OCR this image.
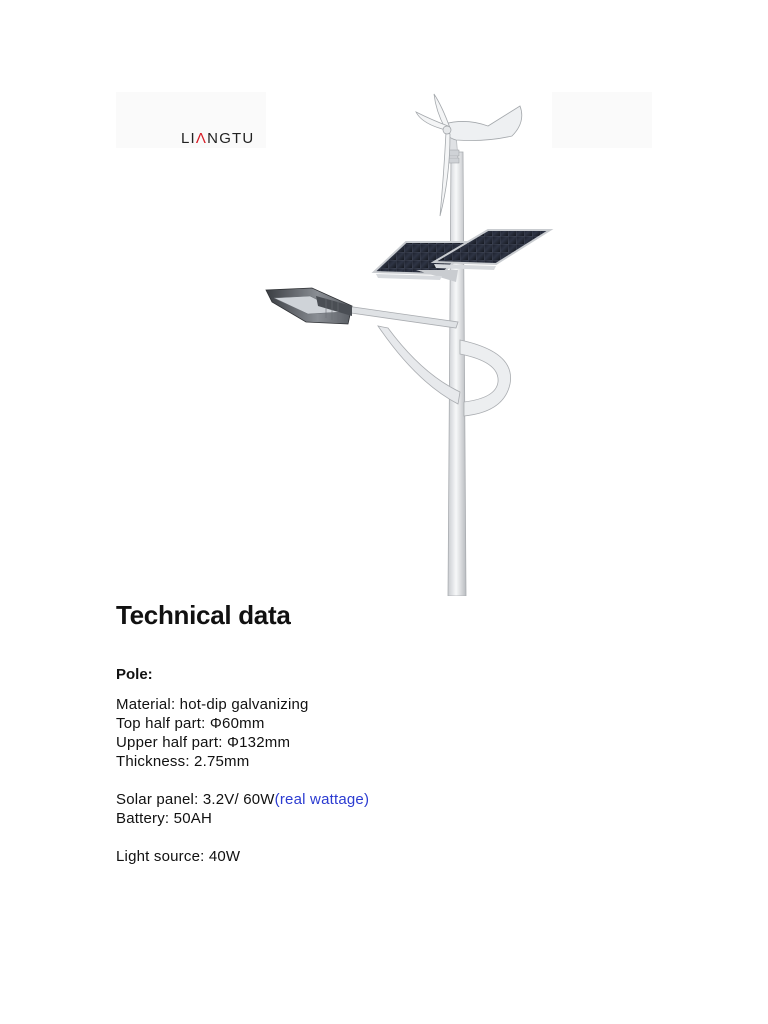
LI Λ NGTU
Technical data
Pole:
Material: hot-dip galvanizing
Top half part: Φ60mm
Upper half part: Φ132mm
Thickness: 2.75mm
Solar panel: 3.2V/ 60W(real wattage)
Battery: 50AH
Light source: 40W
